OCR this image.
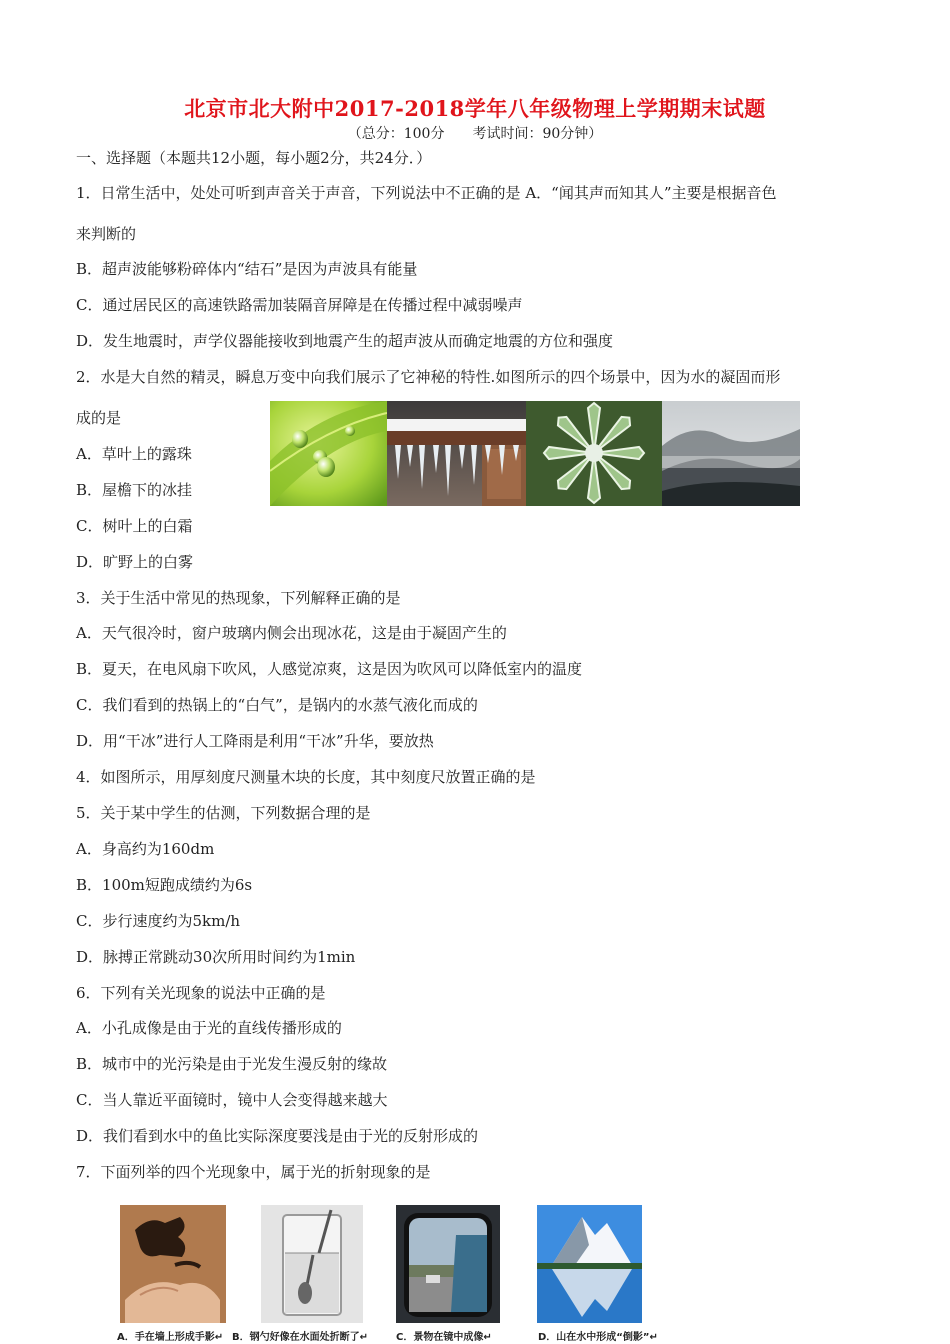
北京市北大附中2017-2018学年八年级物理上学期期末试题
（总分：100分　　考试时间：90分钟）
一、选择题（本题共12小题，每小题2分，共24分．）
1．日常生活中，处处可听到声音关于声音，下列说法中不正确的是 A．“闻其声而知其人”主要是根据音色
来判断的
B．超声波能够粉碎体内“结石”是因为声波具有能量
C．通过居民区的高速铁路需加装隔音屏障是在传播过程中减弱噪声
D．发生地震时，声学仪器能接收到地震产生的超声波从而确定地震的方位和强度
2．水是大自然的精灵，瞬息万变中向我们展示了它神秘的特性.如图所示的四个场景中，因为水的凝固而形
成的是
A．草叶上的露珠
B．屋檐下的冰挂
C．树叶上的白霜
D．旷野上的白雾
3．关于生活中常见的热现象，下列解释正确的是
A．天气很冷时，窗户玻璃内侧会出现冰花，这是由于凝固产生的
B．夏天，在电风扇下吹风，人感觉凉爽，这是因为吹风可以降低室内的温度
C．我们看到的热锅上的“白气”，是锅内的水蒸气液化而成的
D．用“干冰”进行人工降雨是利用“干冰”升华，要放热
4．如图所示，用厚刻度尺测量木块的长度，其中刻度尺放置正确的是
5．关于某中学生的估测，下列数据合理的是
A．身高约为160dm
B．100m短跑成绩约为6s
C．步行速度约为5km/h
D．脉搏正常跳动30次所用时间约为1min
6．下列有关光现象的说法中正确的是
A．小孔成像是由于光的直线传播形成的
B．城市中的光污染是由于光发生漫反射的缘故
C．当人靠近平面镜时，镜中人会变得越来越大
D．我们看到水中的鱼比实际深度要浅是由于光的反射形成的
7．下面列举的四个光现象中，属于光的折射现象的是
A．手在墙上形成手影↵ B．钢勺好像在水面处折断了↵	C．景物在镜中成像↵	D．山在水中形成“倒影”↵
